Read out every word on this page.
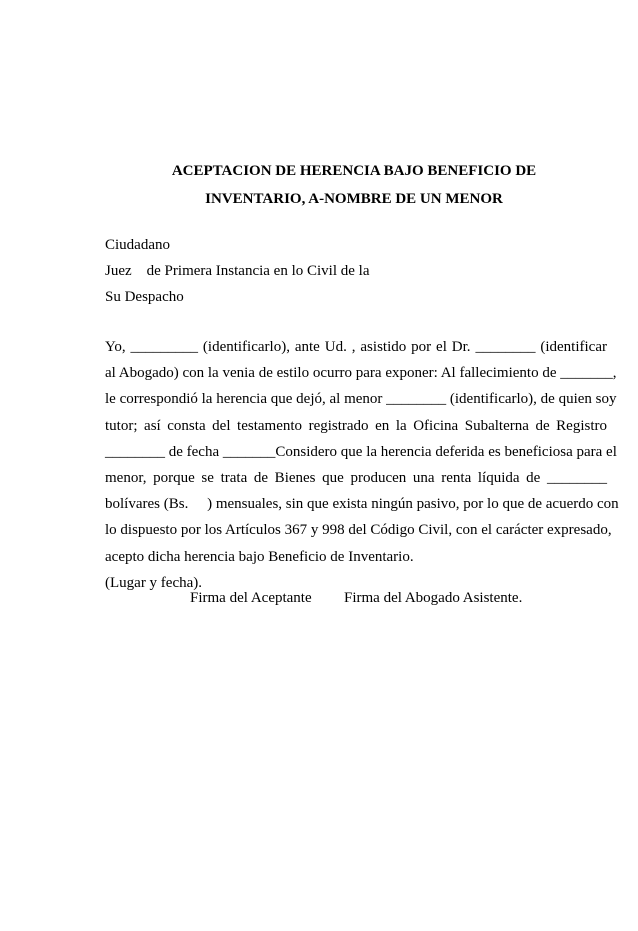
ACEPTACION DE HERENCIA BAJO BENEFICIO DE
INVENTARIO, A-NOMBRE DE UN MENOR
Ciudadano
Juez    de Primera Instancia en lo Civil de la
Su Despacho
Yo, _________ (identificarlo), ante Ud. , asistido por el Dr. ________ (identificar
al Abogado) con la venia de estilo ocurro para exponer: Al fallecimiento de _______,
le correspondió la herencia que dejó, al menor ________ (identificarlo), de quien soy
tutor; así consta del testamento registrado en la Oficina Subalterna de Registro
________ de fecha _______Considero que la herencia deferida es beneficiosa para el
menor, porque se trata de Bienes que producen una renta líquida de ________
bolívares (Bs.     ) mensuales, sin que exista ningún pasivo, por lo que de acuerdo con
lo dispuesto por los Artículos 367 y 998 del Código Civil, con el carácter expresado,
acepto dicha herencia bajo Beneficio de Inventario.
(Lugar y fecha).
Firma del Aceptante Firma del Abogado Asistente.
